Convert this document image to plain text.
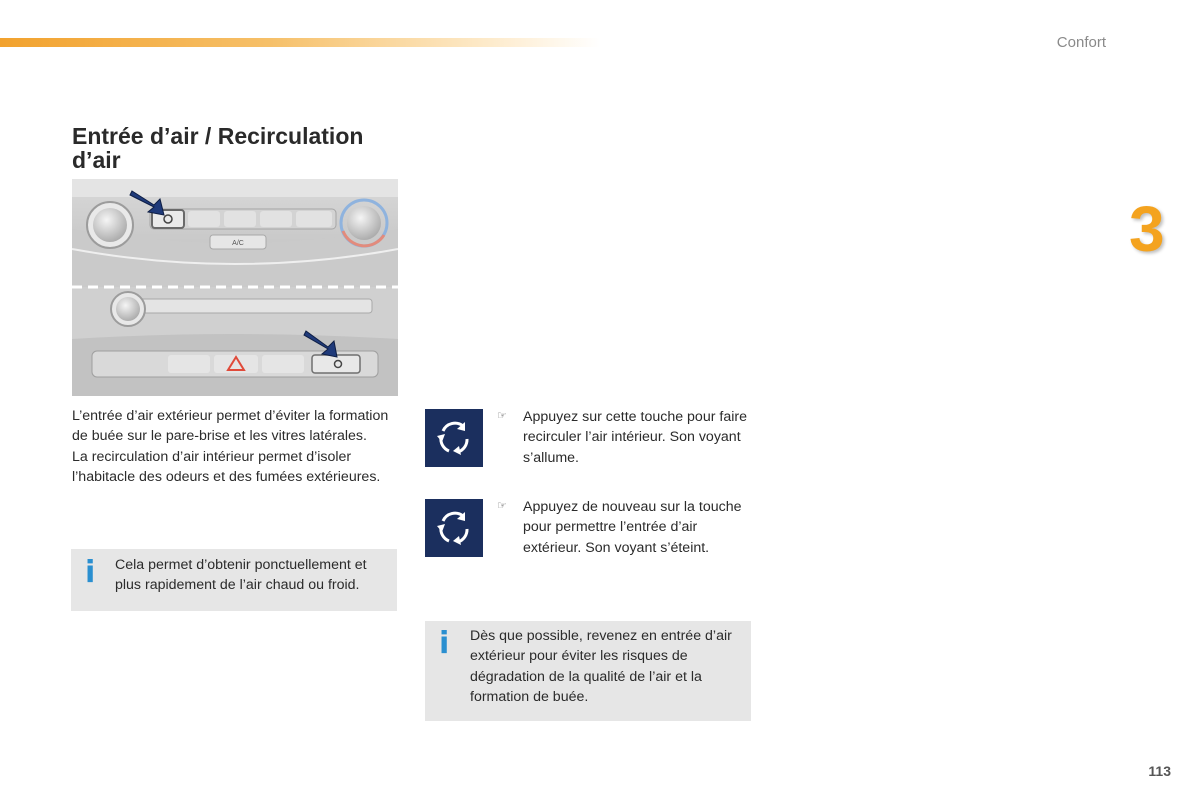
Confort
3
Entrée d’air / Recirculation d’air
A/C

L’entrée d’air extérieur permet d’éviter la formation de buée sur le pare-brise et les vitres latérales.

La recirculation d’air intérieur permet d’isoler l’habitacle des odeurs et des fumées extérieures.

i Cela permet d’obtenir ponctuellement et plus rapidement de l’air chaud ou froid.
☞ Appuyez sur cette touche pour faire recirculer l’air intérieur. Son voyant s’allume.
☞ Appuyez de nouveau sur la touche pour permettre l’entrée d’air extérieur. Son voyant s’éteint.
i Dès que possible, revenez en entrée d’air extérieur pour éviter les risques de dégradation de la qualité de l’air et la formation de buée.
113
